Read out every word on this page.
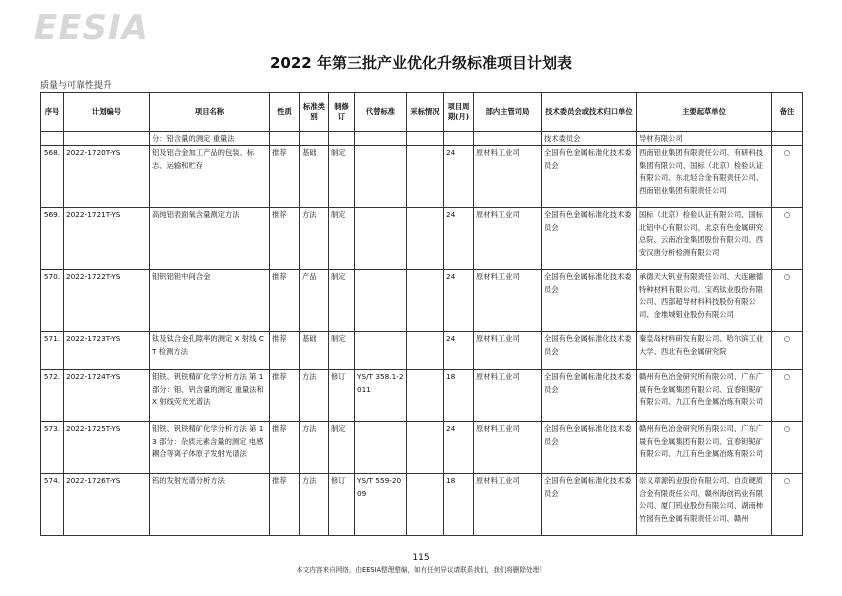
EESIA
2022 年第三批产业优化升级标准项目计划表
质量与可靠性提升
序号	计划编号	项目名称	性质	标准类别	制修订	代替标准	采标情况	项目周期(月)	部内主管司局	技术委员会或技术归口单位	主要起草单位	备注
		分：铅含量的测定 重量法								技术委员会	导材有限公司	
568.	2022-1720T-YS	铝及铝合金加工产品的包装、标志、运输和贮存	推荐	基础	制定			24	原材料工业司	全国有色金属标准化技术委员会	西南铝业集团有限责任公司、有研科技集团有限公司、国标（北京）检验认证有限公司、东北轻合金有限责任公司、西南铝业集团有限责任公司	○
569.	2022-1721T-YS	高纯铝表面氧含量测定方法	推荐	方法	制定			24	原材料工业司	全国有色金属标准化技术委员会	国标（北京）检验认证有限公司、国标北铝中心有限公司、北京有色金属研究总院、云南冶金集团股份有限公司、西安汉唐分析检测有限公司	○
570.	2022-1722T-YS	钼钒铝钽中间合金	推荐	产品	制定			24	原材料工业司	全国有色金属标准化技术委员会	承德天大钒业有限责任公司、大连融德特种材料有限公司、宝鸡钛业股份有限公司、西部超导材料科技股份有限公司、金堆城钼业股份有限公司	○
571.	2022-1723T-YS	钛及钛合金孔隙率的测定 X 射线 CT 检测方法	推荐	基础	制定			24	原材料工业司	全国有色金属标准化技术委员会	秦皇岛材料研发有限公司、哈尔滨工业大学、西北有色金属研究院	○
572.	2022-1724T-YS	钼铁、钒铁精矿化学分析方法 第 1 部分：钼、钒含量的测定 重量法和 X 射线荧光光谱法	推荐	方法	修订	YS/T 358.1-2011		18	原材料工业司	全国有色金属标准化技术委员会	赣州有色冶金研究所有限公司、广东广晟有色金属集团有限公司、宜春钽铌矿有限公司、九江有色金属冶炼有限公司	○
573.	2022-1725T-YS	钼铁、钒铁精矿化学分析方法 第 13 部分：杂质元素含量的测定 电感耦合等离子体原子发射光谱法	推荐	方法	制定			24	原材料工业司	全国有色金属标准化技术委员会	赣州有色冶金研究所有限公司、广东广晟有色金属集团有限公司、宜春钽铌矿有限公司、九江有色金属冶炼有限公司	○
574.	2022-1726T-YS	钨的发射光谱分析方法	推荐	方法	修订	YS/T 559-2009		18	原材料工业司	全国有色金属标准化技术委员会	崇义章源钨业股份有限公司、自贡硬质合金有限责任公司、赣州海创钨业有限公司、厦门钨业股份有限公司、湖南柿竹园有色金属有限责任公司、赣州	○
115
本文内容来自网络，由EESIA整理整编，如有任何异议请联系我们，我们将删除处理！
